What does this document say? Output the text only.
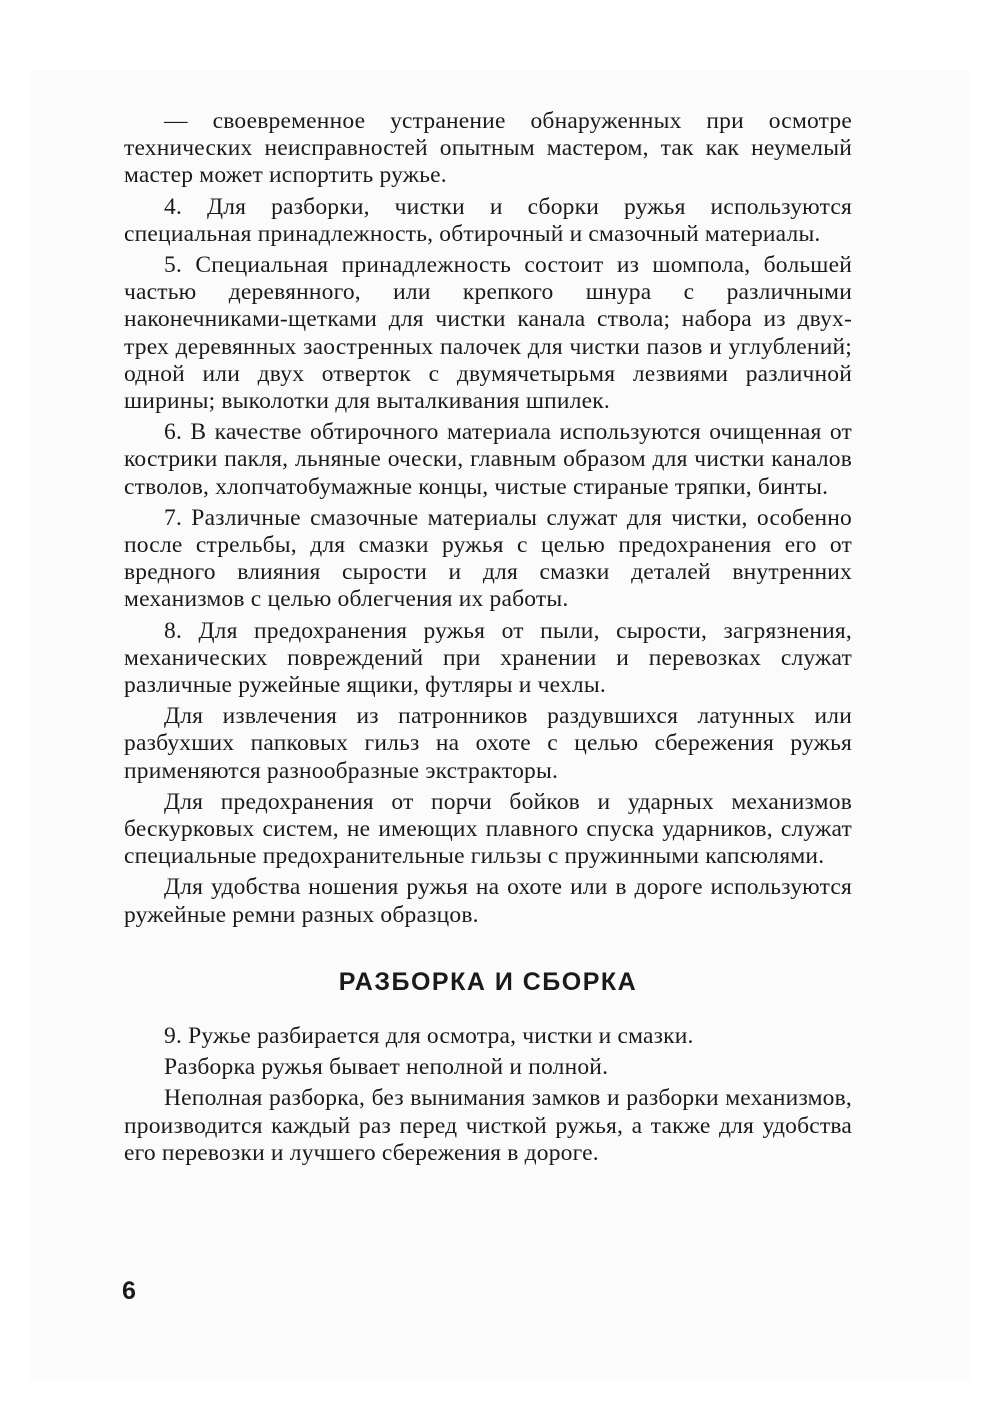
— своевременное устранение обнаруженных при осмотре технических неисправностей опытным мастером, так как неумелый мастер может испортить ружье.

4. Для разборки, чистки и сборки ружья используются специальная принадлежность, обтирочный и смазочный материалы.

5. Специальная принадлежность состоит из шомпола, большей частью деревянного, или крепкого шнура с различными наконечниками-щетками для чистки канала ствола; набора из двух-трех деревянных заостренных палочек для чистки пазов и углублений; одной или двух отверток с двумячетырьмя лезвиями различной ширины; выколотки для выталкивания шпилек.

6. В качестве обтирочного материала используются очищенная от кострики пакля, льняные очески, главным образом для чистки каналов стволов, хлопчатобумажные концы, чистые стираные тряпки, бинты.

7. Различные смазочные материалы служат для чистки, особенно после стрельбы, для смазки ружья с целью предохранения его от вредного влияния сырости и для смазки деталей внутренних механизмов с целью облегчения их работы.

8. Для предохранения ружья от пыли, сырости, загрязнения, механических повреждений при хранении и перевозках служат различные ружейные ящики, футляры и чехлы.

Для извлечения из патронников раздувшихся латунных или разбухших папковых гильз на охоте с целью сбережения ружья применяются разнообразные экстракторы.

Для предохранения от порчи бойков и ударных механизмов бескурковых систем, не имеющих плавного спуска ударников, служат специальные предохранительные гильзы с пружинными капсюлями.

Для удобства ношения ружья на охоте или в дороге используются ружейные ремни разных образцов.

РАЗБОРКА И СБОРКА

9. Ружье разбирается для осмотра, чистки и смазки.

Разборка ружья бывает неполной и полной.

Неполная разборка, без вынимания замков и разборки механизмов, производится каждый раз перед чисткой ружья, а также для удобства его перевозки и лучшего сбережения в дороге.

6
